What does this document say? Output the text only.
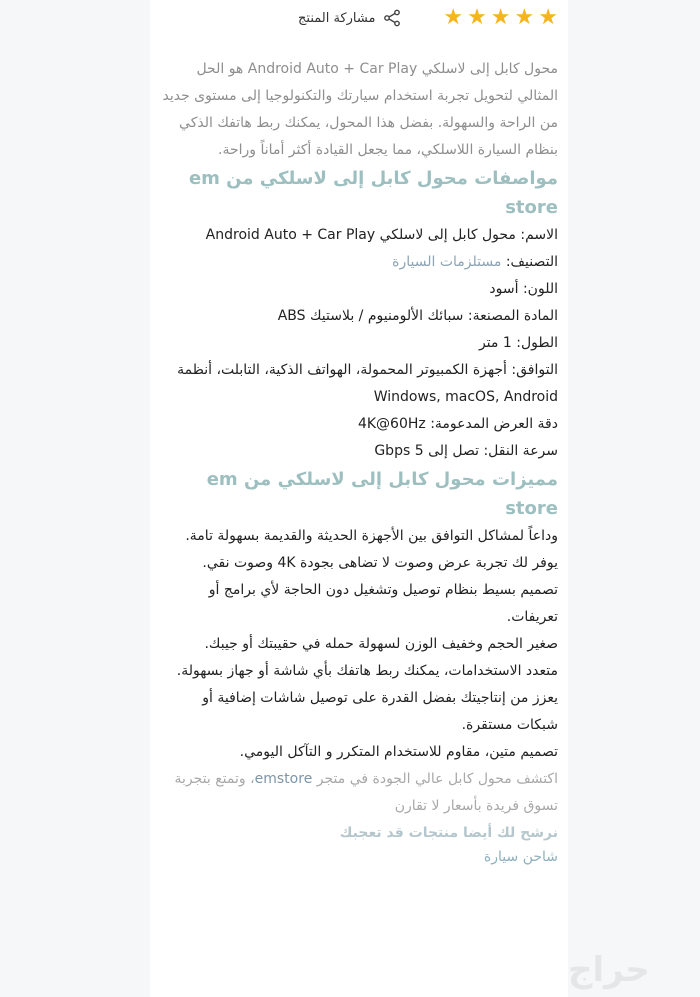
مشاركة المنتج	★ ★ ★ ★ ★

محول كابل إلى لاسلكي Android Auto + Car Play هو الحل المثالي لتحويل تجربة استخدام سيارتك والتكنولوجيا إلى مستوى جديد من الراحة والسهولة. بفضل هذا المحول، يمكنك ربط هاتفك الذكي بنظام السيارة اللاسلكي، مما يجعل القيادة أكثر أماناً وراحة.

مواصفات محول كابل إلى لاسلكي من em store

الاسم: محول كابل إلى لاسلكي Android Auto + Car Play

التصنيف: مستلزمات السيارة

اللون: أسود

المادة المصنعة: سبائك الألومنيوم / بلاستيك ABS

الطول: 1 متر

التوافق: أجهزة الكمبيوتر المحمولة، الهواتف الذكية، التابلت، أنظمة Windows, macOS, Android

دقة العرض المدعومة: 4K@60Hz

سرعة النقل: تصل إلى 5 Gbps

مميزات محول كابل إلى لاسلكي من em store

وداعاً لمشاكل التوافق بين الأجهزة الحديثة والقديمة بسهولة تامة.

يوفر لك تجربة عرض وصوت لا تضاهى بجودة 4K وصوت نقي.

تصميم بسيط بنظام توصيل وتشغيل دون الحاجة لأي برامج أو تعريفات.

صغير الحجم وخفيف الوزن لسهولة حمله في حقيبتك أو جيبك.

متعدد الاستخدامات، يمكنك ربط هاتفك بأي شاشة أو جهاز بسهولة.

يعزز من إنتاجيتك بفضل القدرة على توصيل شاشات إضافية أو شبكات مستقرة.

تصميم متين، مقاوم للاستخدام المتكرر و التآكل اليومي.

اكتشف محول كابل عالي الجودة في متجر emstore، وتمتع بتجربة تسوق فريدة بأسعار لا تقارن

نرشح لك أيضا منتجات قد تعجبك

شاحن سيارة

حراج
